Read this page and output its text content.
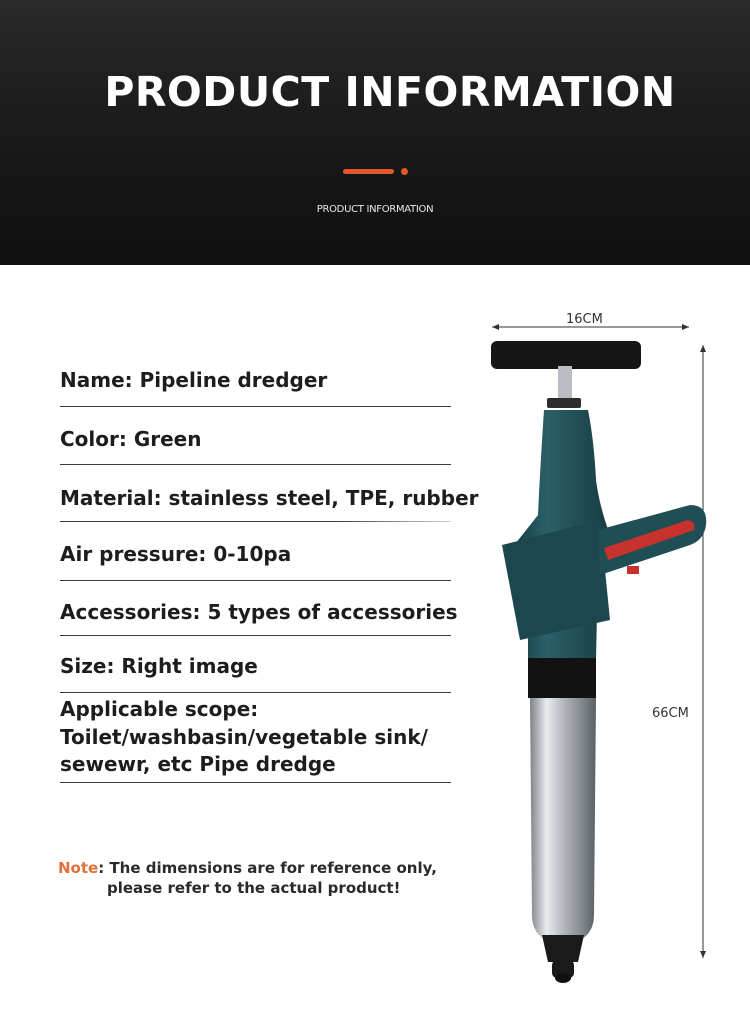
PRODUCT INFORMATION
PRODUCT INFORMATION
Name: Pipeline dredger
Color: Green
Material: stainless steel, TPE, rubber
Air pressure: 0-10pa
Accessories: 5 types of accessories
Size: Right image
Applicable scope:
Toilet/washbasin/vegetable sink/
sewewr, etc Pipe dredge
Note: The dimensions are for reference only,
please refer to the actual product!
16CM
66CM
